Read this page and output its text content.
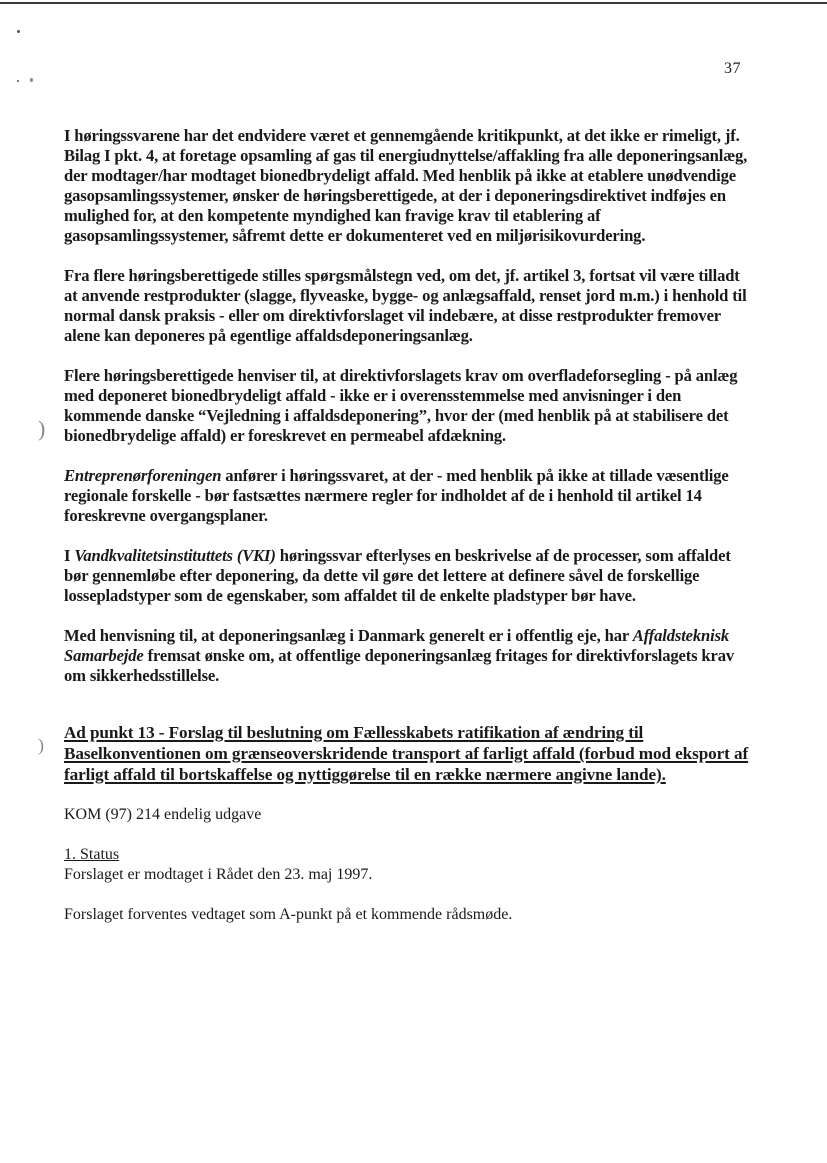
)
)
37

I høringssvarene har det endvidere været et gennemgående kritikpunkt, at det ikke er rimeligt, jf. Bilag I pkt. 4, at foretage opsamling af gas til energiudnyttelse/affakling fra alle deponeringsanlæg, der modtager/har modtaget bionedbrydeligt affald. Med henblik på ikke at etablere unødvendige gasopsamlingssystemer, ønsker de høringsberettigede, at der i deponeringsdirektivet indføjes en mulighed for, at den kompetente myndighed kan fravige krav til etablering af gasopsamlingssystemer, såfremt dette er dokumenteret ved en miljørisikovurdering.

Fra flere høringsberettigede stilles spørgsmålstegn ved, om det, jf. artikel 3, fortsat vil være tilladt at anvende restprodukter (slagge, flyveaske, bygge- og anlægsaffald, renset jord m.m.) i henhold til normal dansk praksis - eller om direktivforslaget vil indebære, at disse restprodukter fremover alene kan deponeres på egentlige affaldsdeponeringsanlæg.

Flere høringsberettigede henviser til, at direktivforslagets krav om overfladeforsegling - på anlæg med deponeret bionedbrydeligt affald - ikke er i overensstemmelse med anvisninger i den kommende danske “Vejledning i affaldsdeponering”, hvor der (med henblik på at stabilisere det bionedbrydelige affald) er foreskrevet en permeabel afdækning.

Entreprenørforeningen anfører i høringssvaret, at der - med henblik på ikke at tillade væsentlige regionale forskelle - bør fastsættes nærmere regler for indholdet af de i henhold til artikel 14 foreskrevne overgangsplaner.

I Vandkvalitetsinstituttets (VKI) høringssvar efterlyses en beskrivelse af de processer, som affaldet bør gennemløbe efter deponering, da dette vil gøre det lettere at definere såvel de forskellige lossepladstyper som de egenskaber, som affaldet til de enkelte pladstyper bør have.

Med henvisning til, at deponeringsanlæg i Danmark generelt er i offentlig eje, har Affaldsteknisk Samarbejde fremsat ønske om, at offentlige deponeringsanlæg fritages for direktivforslagets krav om sikkerhedsstillelse.

Ad punkt 13 - Forslag til beslutning om Fællesskabets ratifikation af ændring til Baselkonventionen om grænseoverskridende transport af farligt affald (forbud mod eksport af farligt affald til bortskaffelse og nyttiggørelse til en række nærmere angivne lande).

KOM (97) 214 endelig udgave

1. Status

Forslaget er modtaget i Rådet den 23. maj 1997.

Forslaget forventes vedtaget som A-punkt på et kommende rådsmøde.
